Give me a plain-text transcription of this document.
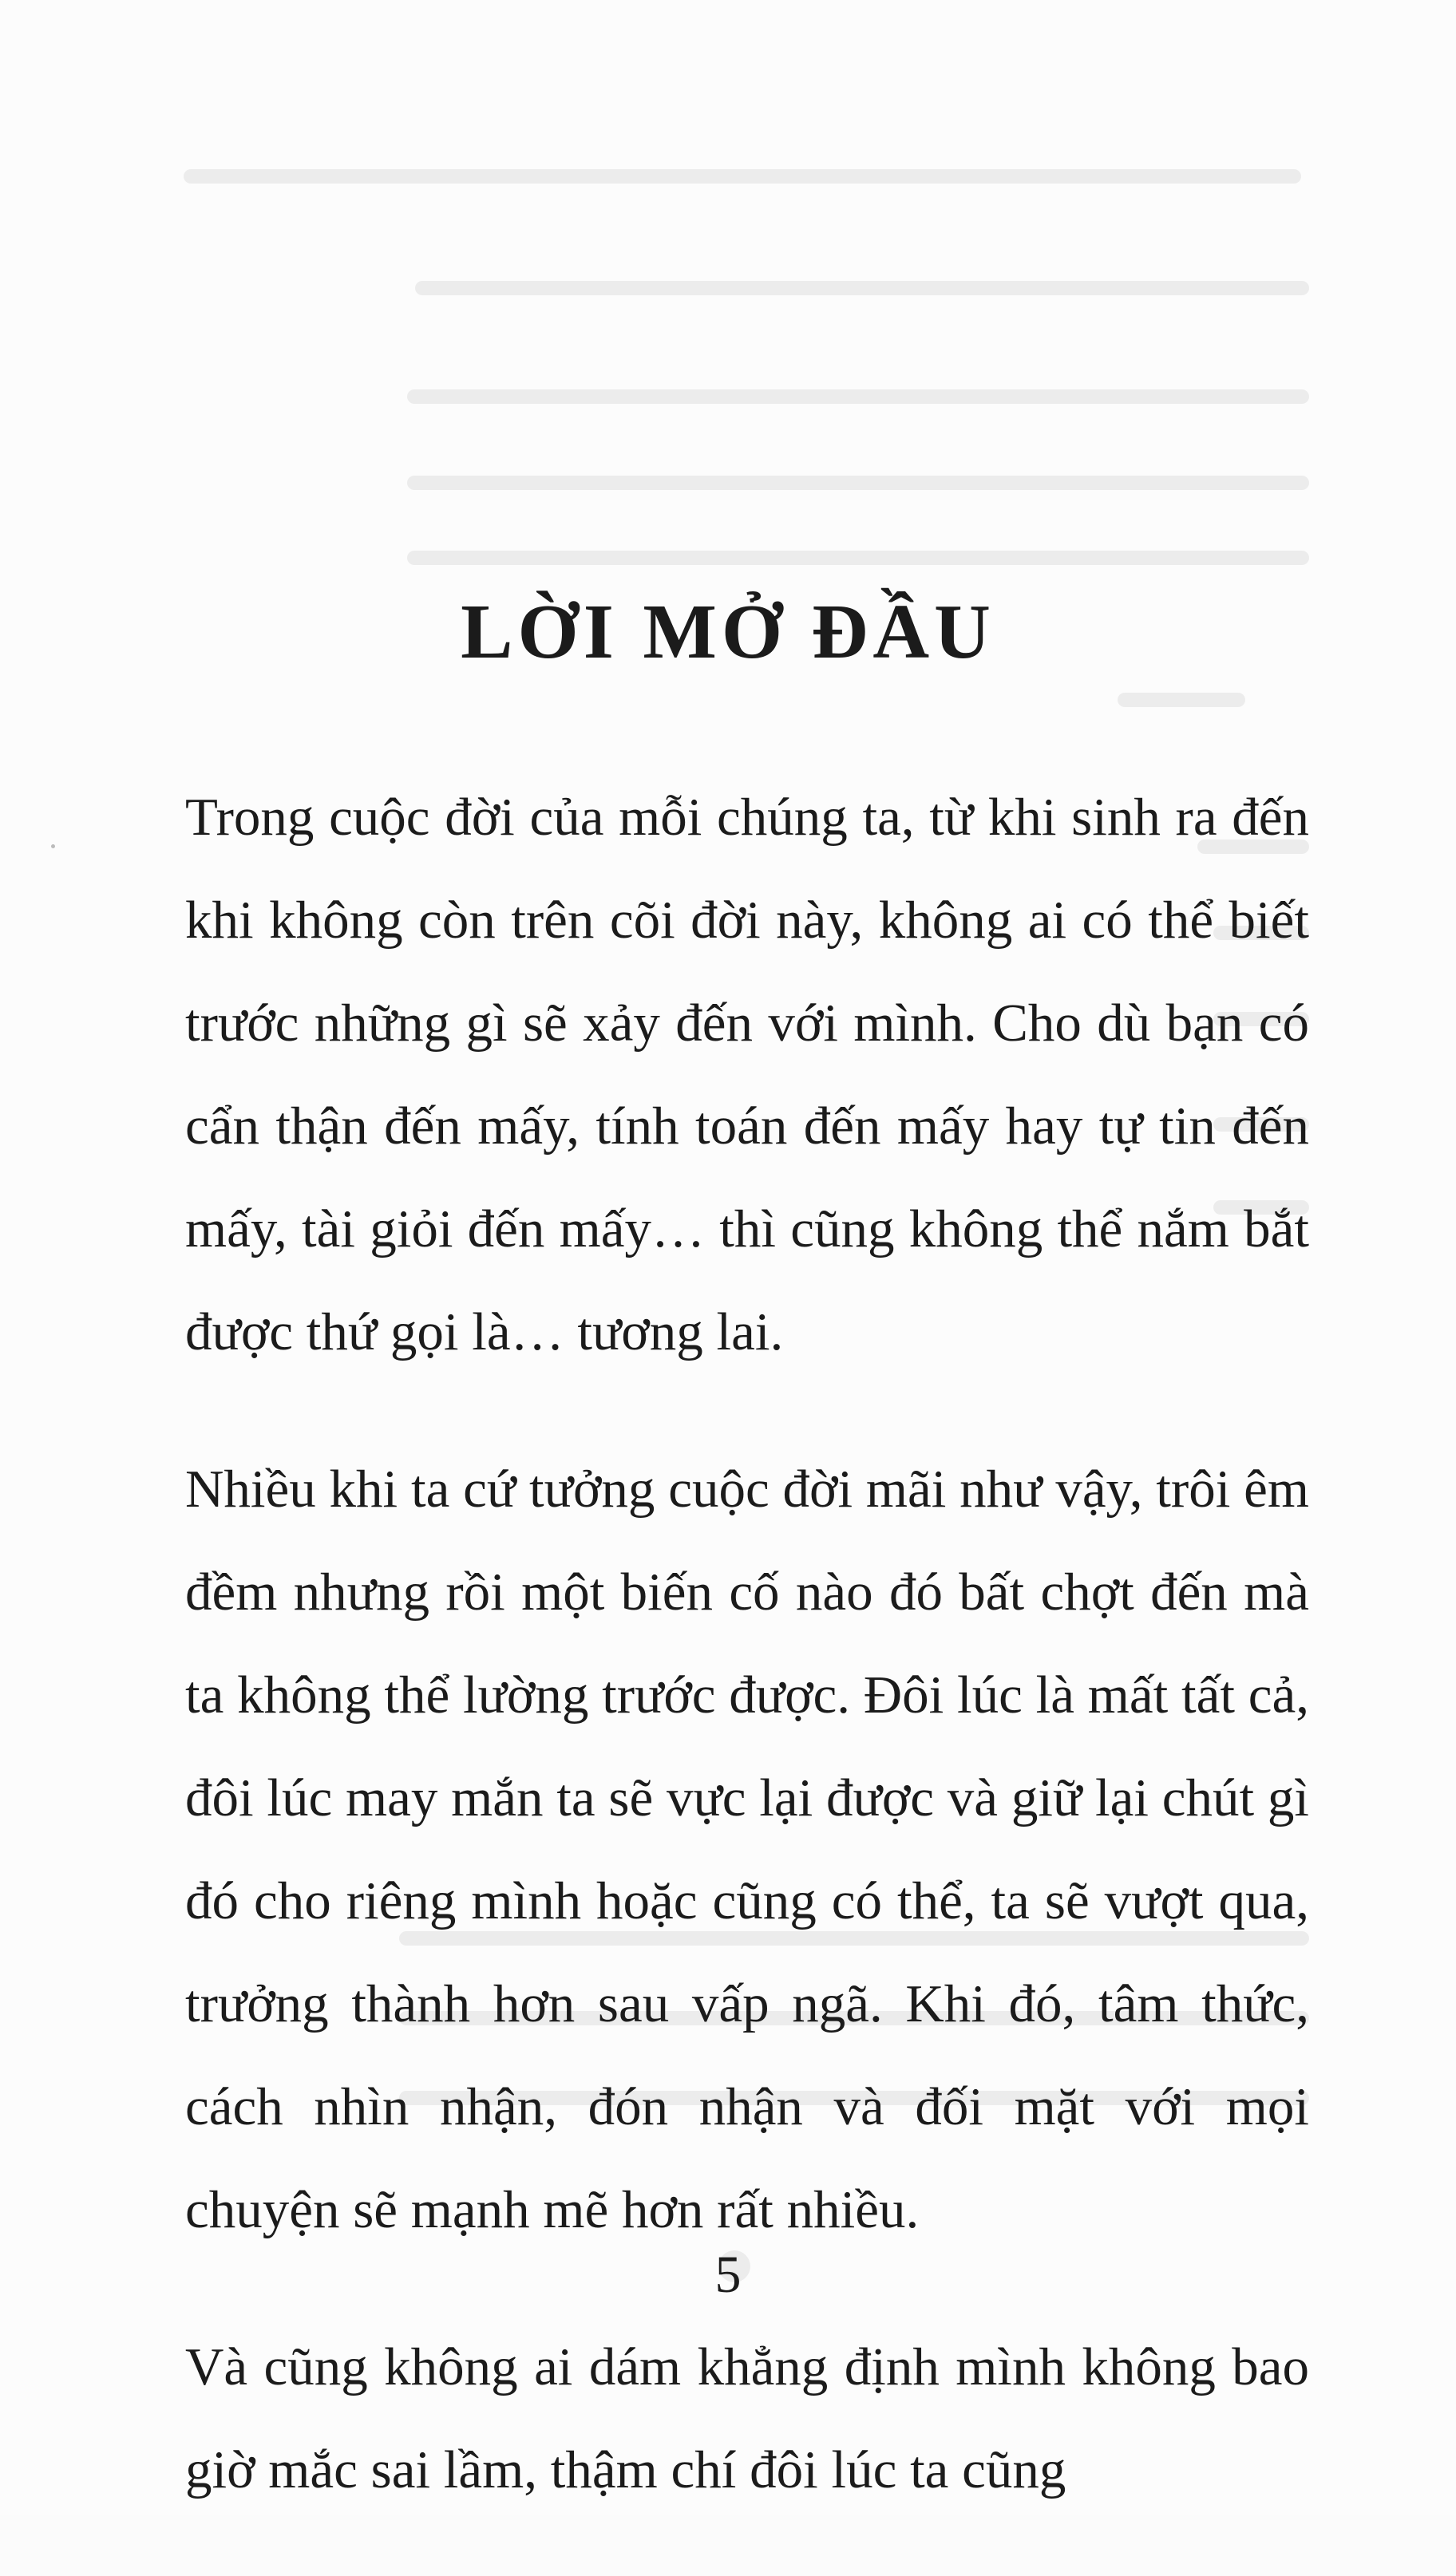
LỜI MỞ ĐẦU

Trong cuộc đời của mỗi chúng ta, từ khi sinh ra đến khi không còn trên cõi đời này, không ai có thể biết trước những gì sẽ xảy đến với mình. Cho dù bạn có cẩn thận đến mấy, tính toán đến mấy hay tự tin đến mấy, tài giỏi đến mấy… thì cũng không thể nắm bắt được thứ gọi là… tương lai.

Nhiều khi ta cứ tưởng cuộc đời mãi như vậy, trôi êm đềm nhưng rồi một biến cố nào đó bất chợt đến mà ta không thể lường trước được. Đôi lúc là mất tất cả, đôi lúc may mắn ta sẽ vực lại được và giữ lại chút gì đó cho riêng mình hoặc cũng có thể, ta sẽ vượt qua, trưởng thành hơn sau vấp ngã. Khi đó, tâm thức, cách nhìn nhận, đón nhận và đối mặt với mọi chuyện sẽ mạnh mẽ hơn rất nhiều.

Và cũng không ai dám khẳng định mình không bao giờ mắc sai lầm, thậm chí đôi lúc ta cũng

5
